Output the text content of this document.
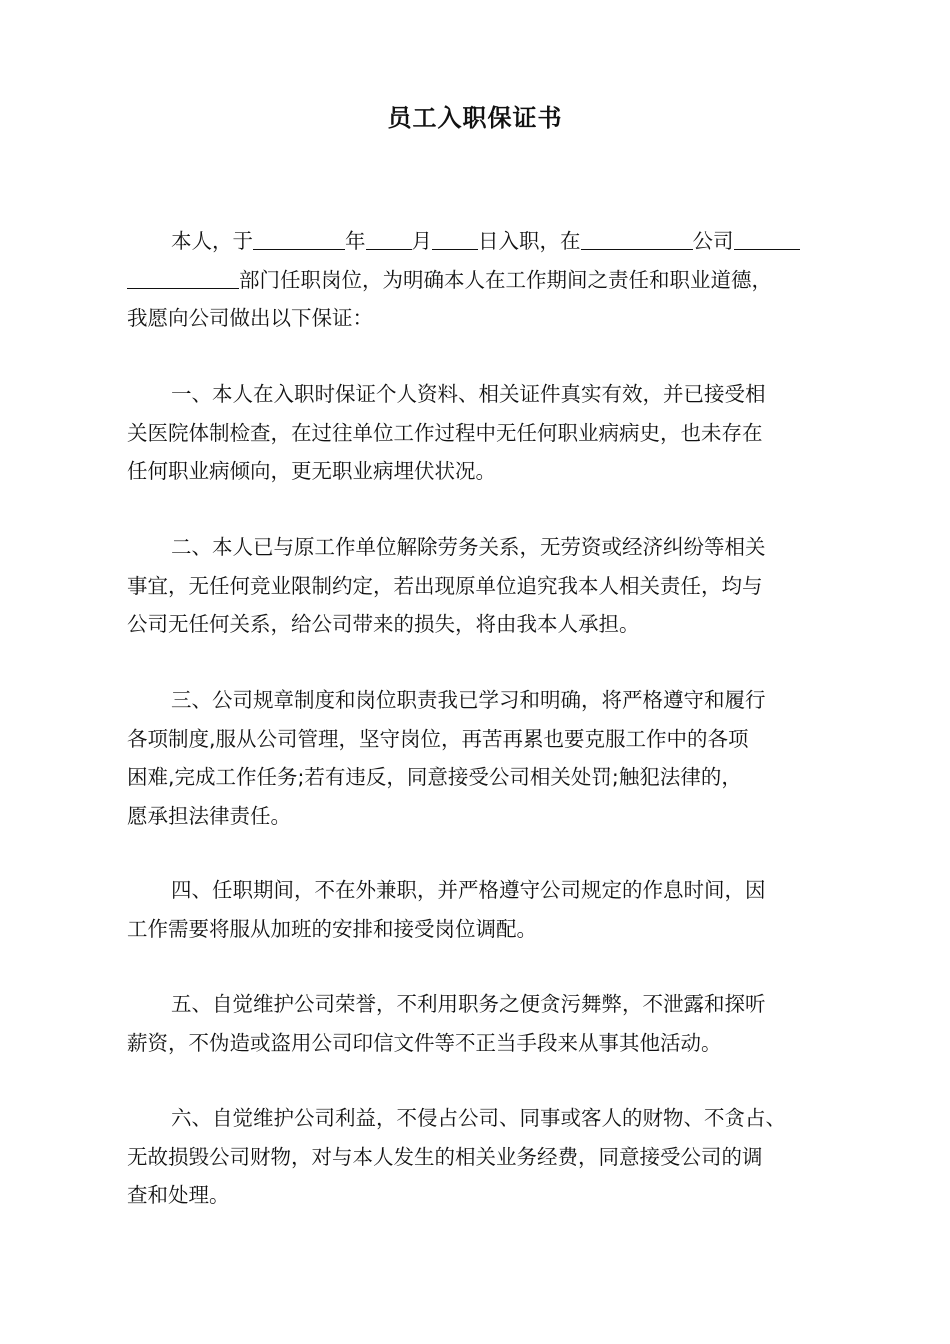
员工入职保证书
本人，于	年 月 日入职，在	公司
部门任职岗位，为明确本人在工作期间之责任和职业道德，
我愿向公司做出以下保证：
一、本人在入职时保证个人资料、相关证件真实有效，并已接受相
关医院体制检查，在过往单位工作过程中无任何职业病病史，也未存在
任何职业病倾向，更无职业病埋伏状况。
二、本人已与原工作单位解除劳务关系，无劳资或经济纠纷等相关
事宜，无任何竞业限制约定，若出现原单位追究我本人相关责任，均与
公司无任何关系，给公司带来的损失，将由我本人承担。
三、公司规章制度和岗位职责我已学习和明确，将严格遵守和履行
各项制度,服从公司管理，坚守岗位，再苦再累也要克服工作中的各项
困难,完成工作任务;若有违反，同意接受公司相关处罚;触犯法律的，
愿承担法律责任。
四、任职期间，不在外兼职，并严格遵守公司规定的作息时间，因
工作需要将服从加班的安排和接受岗位调配。
五、自觉维护公司荣誉，不利用职务之便贪污舞弊，不泄露和探听
薪资，不伪造或盗用公司印信文件等不正当手段来从事其他活动。
六、自觉维护公司利益，不侵占公司、同事或客人的财物、不贪占、
无故损毁公司财物，对与本人发生的相关业务经费，同意接受公司的调
查和处理。
